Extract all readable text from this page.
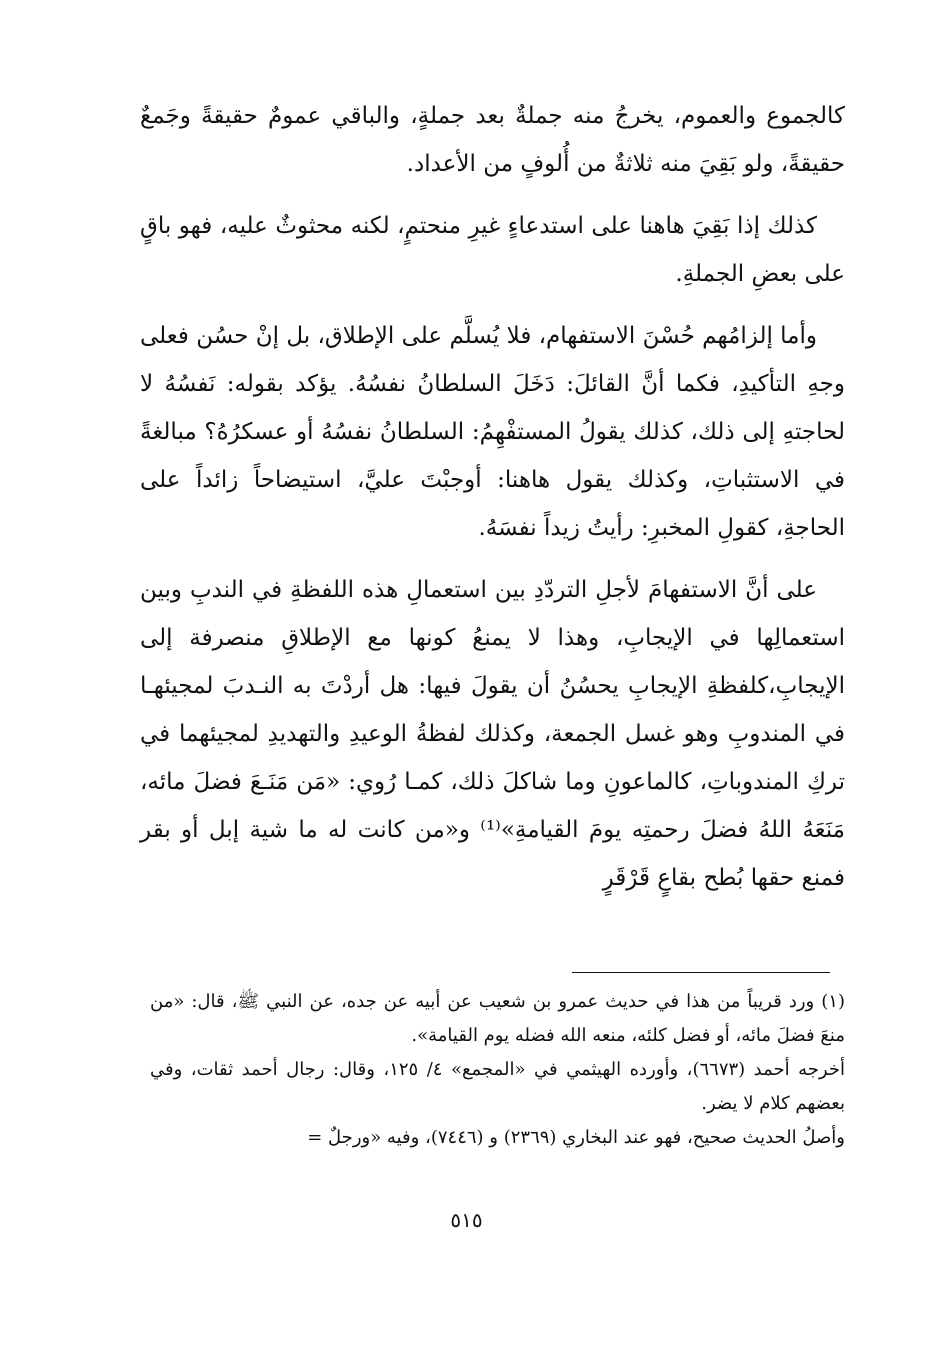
كالجموع والعموم، يخرجُ منه جملةٌ بعد جملةٍ، والباقي عمومٌ حقيقةً وجَمعٌ حقيقةً، ولو بَقِيَ منه ثلاثةٌ من أُلوفٍ من الأعداد.

كذلك إذا بَقِيَ هاهنا على استدعاءٍ غيرِ منحتمٍ، لكنه محثوثٌ عليه، فهو باقٍ على بعضِ الجملةِ.

وأما إلزامُهم حُسْنَ الاستفهام، فلا يُسلَّم على الإطلاق، بل إنْ حسُن فعلى وجهِ التأكيدِ، فكما أنَّ القائلَ: دَخَلَ السلطانُ نفسُهُ. يؤكد بقوله: نَفسُهُ لا لحاجتهِ إلى ذلك، كذلك يقولُ المستفْهِمُ: السلطانُ نفسُهُ أو عسكرُهُ؟ مبالغةً في الاستثباتِ، وكذلك يقول هاهنا: أوجبْتَ عليَّ، استيضاحاً زائداً على الحاجةِ، كقولِ المخبرِ: رأيتُ زيداً نفسَهُ.

على أنَّ الاستفهامَ لأجلِ التردّدِ بين استعمالِ هذه اللفظةِ في الندبِ وبين استعمالِها في الإيجابِ، وهذا لا يمنعُ كونها مع الإطلاقِ منصرفة إلى الإيجابِ،كلفظةِ الإيجابِ يحسُنُ أن يقولَ فيها: هل أردْتَ به النـدبَ لمجيئهـا في المندوبِ وهو غسل الجمعة، وكذلك لفظةُ الوعيدِ والتهديدِ لمجيئهما في تركِ المندوباتِ، كالماعونِ وما شاكلَ ذلك، كمـا رُوي: «مَن مَنَـعَ فضلَ مائه، مَنَعَهُ اللهُ فضلَ رحمتِه يومَ القيامةِ»⁽¹⁾ و«من كانت له ما شية إبل أو بقر فمنع حقها بُطح بقاعٍ قَرْقَرٍ

(١) ورد قريباً من هذا في حديث عمرو بن شعيب عن أبيه عن جده، عن النبي ﷺ، قال: «من منعَ فضلَ مائه، أو فضل كلئه، منعه الله فضله يوم القيامة».

أخرجه أحمد (٦٦٧٣)، وأورده الهيثمي في «المجمع» ٤/ ١٢٥، وقال: رجال أحمد ثقات، وفي بعضهم كلام لا يضر.

وأصلُ الحديث صحيح، فهو عند البخاري (٢٣٦٩) و (٧٤٤٦)، وفيه «ورجلٌ =

٥١٥
